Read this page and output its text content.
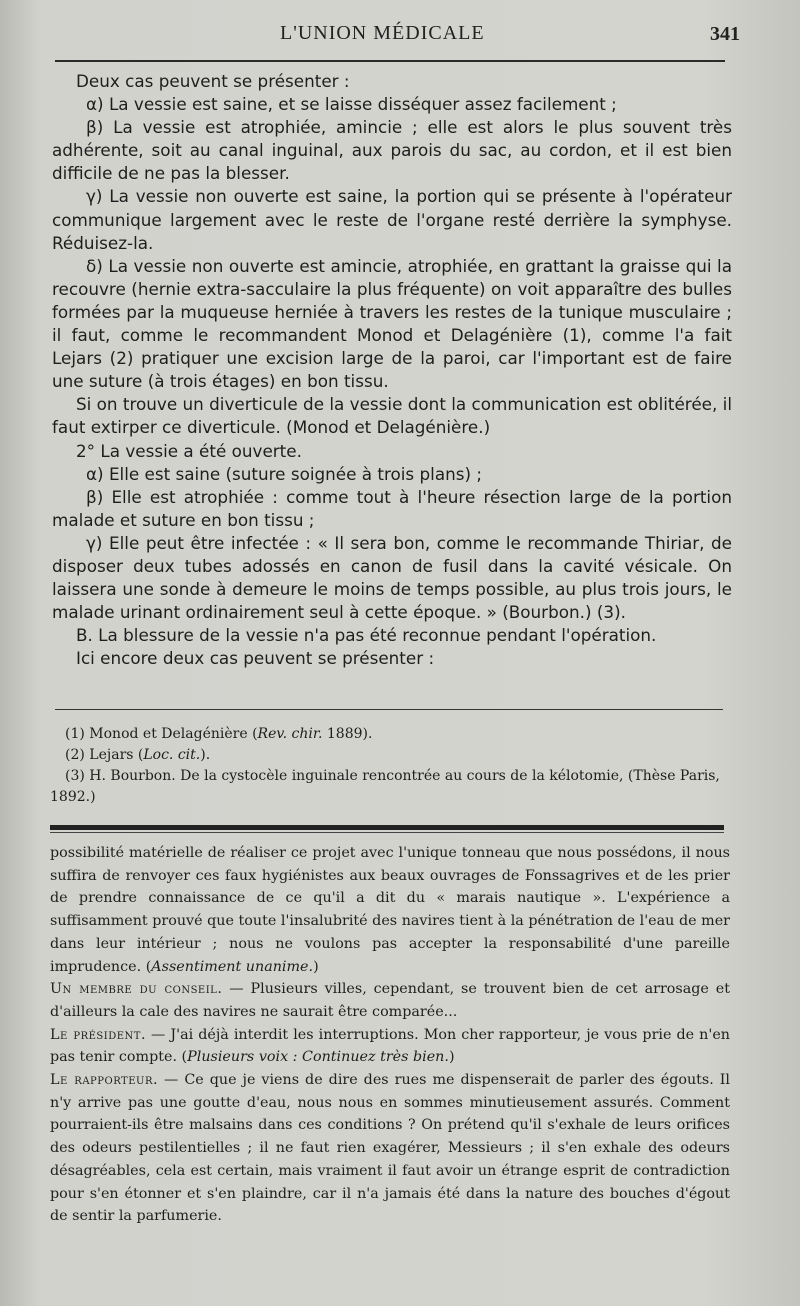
L'UNION MÉDICALE	341

Deux cas peuvent se présenter :

α) La vessie est saine, et se laisse disséquer assez facilement ;

β) La vessie est atrophiée, amincie ; elle est alors le plus souvent très adhérente, soit au canal inguinal, aux parois du sac, au cordon, et il est bien difficile de ne pas la blesser.

γ) La vessie non ouverte est saine, la portion qui se présente à l'opérateur communique largement avec le reste de l'organe resté derrière la symphyse. Réduisez-la.

δ) La vessie non ouverte est amincie, atrophiée, en grattant la graisse qui la recouvre (hernie extra-sacculaire la plus fréquente) on voit apparaître des bulles formées par la muqueuse herniée à travers les restes de la tunique musculaire ; il faut, comme le recommandent Monod et Delagénière (1), comme l'a fait Lejars (2) pratiquer une excision large de la paroi, car l'important est de faire une suture (à trois étages) en bon tissu.

Si on trouve un diverticule de la vessie dont la communication est oblitérée, il faut extirper ce diverticule. (Monod et Delagénière.)

2° La vessie a été ouverte.

α) Elle est saine (suture soignée à trois plans) ;

β) Elle est atrophiée : comme tout à l'heure résection large de la portion malade et suture en bon tissu ;

γ) Elle peut être infectée : « Il sera bon, comme le recommande Thiriar, de disposer deux tubes adossés en canon de fusil dans la cavité vésicale. On laissera une sonde à demeure le moins de temps possible, au plus trois jours, le malade urinant ordinairement seul à cette époque. » (Bourbon.) (3).

B. La blessure de la vessie n'a pas été reconnue pendant l'opération.

Ici encore deux cas peuvent se présenter :

(1) Monod et Delagénière (Rev. chir. 1889).

(2) Lejars (Loc. cit.).

(3) H. Bourbon. De la cystocèle inguinale rencontrée au cours de la kélotomie, (Thèse Paris, 1892.)

possibilité matérielle de réaliser ce projet avec l'unique tonneau que nous possédons, il nous suffira de renvoyer ces faux hygiénistes aux beaux ouvrages de Fonssagrives et de les prier de prendre connaissance de ce qu'il a dit du « marais nautique ». L'expérience a suffisamment prouvé que toute l'insalubrité des navires tient à la pénétration de l'eau de mer dans leur intérieur ; nous ne voulons pas accepter la responsabilité d'une pareille imprudence. (Assentiment unanime.)

Un membre du conseil. — Plusieurs villes, cependant, se trouvent bien de cet arrosage et d'ailleurs la cale des navires ne saurait être comparée...

Le président. — J'ai déjà interdit les interruptions. Mon cher rapporteur, je vous prie de n'en pas tenir compte. (Plusieurs voix : Continuez très bien.)

Le rapporteur. — Ce que je viens de dire des rues me dispenserait de parler des égouts. Il n'y arrive pas une goutte d'eau, nous nous en sommes minutieusement assurés. Comment pourraient-ils être malsains dans ces conditions ? On prétend qu'il s'exhale de leurs orifices des odeurs pestilentielles ; il ne faut rien exagérer, Messieurs ; il s'en exhale des odeurs désagréables, cela est certain, mais vraiment il faut avoir un étrange esprit de contradiction pour s'en étonner et s'en plaindre, car il n'a jamais été dans la nature des bouches d'égout de sentir la parfumerie.
